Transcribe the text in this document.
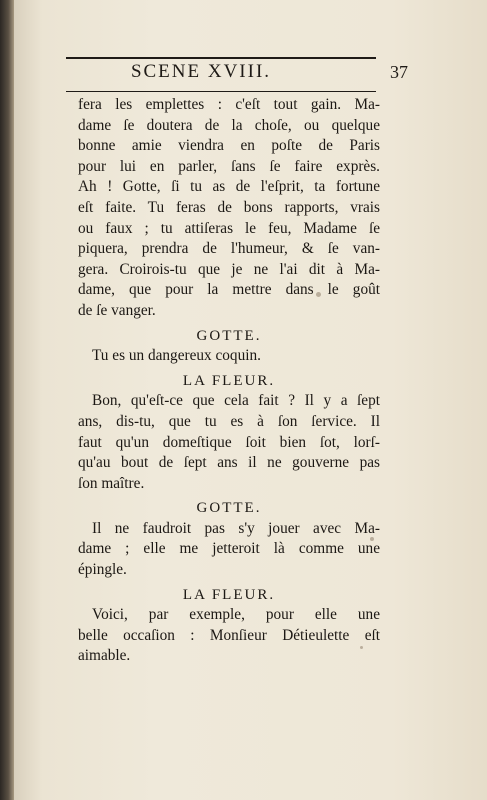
SCENE XVIII.	37
fera les emplettes : c'eſt tout gain. Ma-
dame ſe doutera de la choſe, ou quelque
bonne amie viendra en poſte de Paris
pour lui en parler, ſans ſe faire exprès.
Ah ! Gotte, ſi tu as de l'eſprit, ta fortune
eſt faite. Tu feras de bons rapports, vrais
ou faux ; tu attiſeras le feu, Madame ſe
piquera, prendra de l'humeur, & ſe van-
gera. Croirois-tu que je ne l'ai dit à Ma-
dame, que pour la mettre dans le goût
de ſe vanger.
GOTTE.
Tu es un dangereux coquin.
LA FLEUR.
Bon, qu'eſt-ce que cela fait ? Il y a ſept
ans, dis-tu, que tu es à ſon ſervice. Il
faut qu'un domeſtique ſoit bien ſot, lorſ-
qu'au bout de ſept ans il ne gouverne pas
ſon maître.
GOTTE.
Il ne faudroit pas s'y jouer avec Ma-
dame ; elle me jetteroit là comme une
épingle.
LA FLEUR.
Voici, par exemple, pour elle une
belle occaſion : Monſieur Détieulette eſt
aimable.
